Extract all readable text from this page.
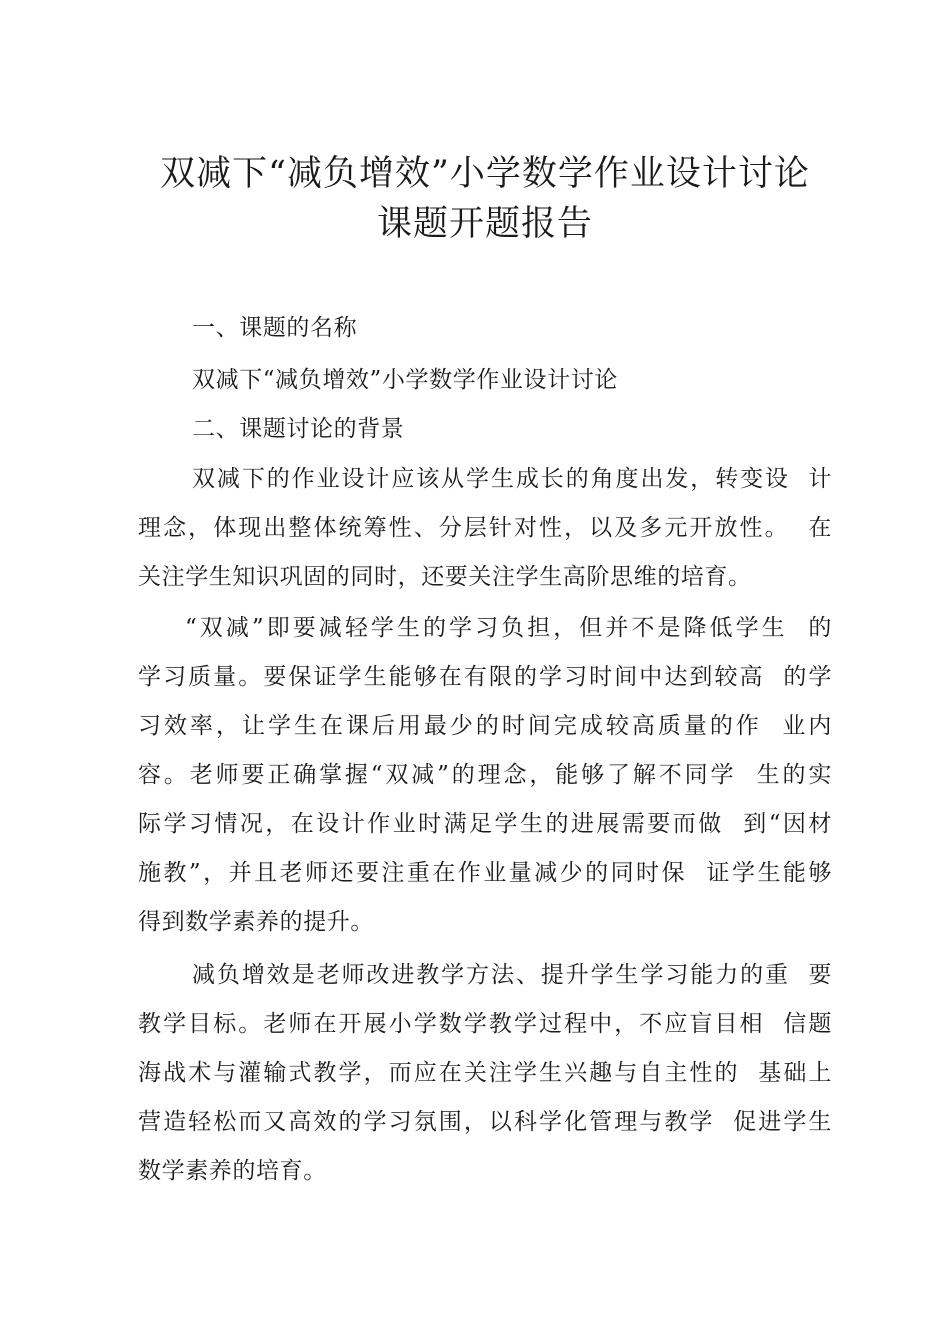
双减下“减负增效”小学数学作业设计讨论
课题开题报告
一、课题的名称
双减下“减负增效”小学数学作业设计讨论
二、课题讨论的背景
双减下的作业设计应该从学生成长的角度出发，转变设  计
理念，体现出整体统筹性、分层针对性，以及多元开放性。  在
关注学生知识巩固的同时，还要关注学生高阶思维的培育。
“双减”即要减轻学生的学习负担，但并不是降低学生  的
学习质量。要保证学生能够在有限的学习时间中达到较高  的学
习效率，让学生在课后用最少的时间完成较高质量的作  业内
容。老师要正确掌握“双减”的理念，能够了解不同学  生的实
际学习情况，在设计作业时满足学生的进展需要而做  到“因材
施教”，并且老师还要注重在作业量减少的同时保  证学生能够
得到数学素养的提升。
减负增效是老师改进教学方法、提升学生学习能力的重  要
教学目标。老师在开展小学数学教学过程中，不应盲目相  信题
海战术与灌输式教学，而应在关注学生兴趣与自主性的  基础上
营造轻松而又高效的学习氛围，以科学化管理与教学  促进学生
数学素养的培育。
